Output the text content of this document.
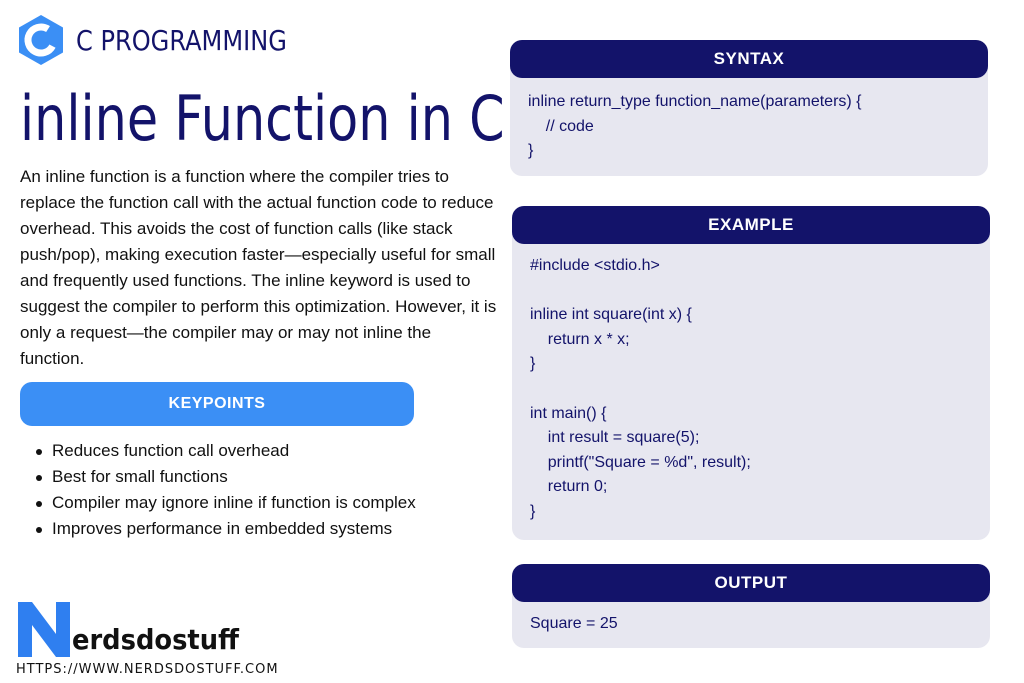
C PROGRAMMING
inline Function in C

An inline function is a function where the compiler tries to replace the function call with the actual function code to reduce overhead. This avoids the cost of function calls (like stack push/pop), making execution faster—especially useful for small and frequently used functions. The inline keyword is used to suggest the compiler to perform this optimization. However, it is only a request—the compiler may or may not inline the function.

KEYPOINTS
Reduces function call overhead
Best for small functions
Compiler may ignore inline if function is complex
Improves performance in embedded systems
erdsdostuff
HTTPS://WWW.NERDSDOSTUFF.COM
SYNTAX
inline return_type function_name(parameters) {
// code
}
EXAMPLE
#include <stdio.h>

inline int square(int x) {
return x * x;
}

int main() {
int result = square(5);
printf("Square = %d", result);
return 0;
}
OUTPUT
Square = 25
